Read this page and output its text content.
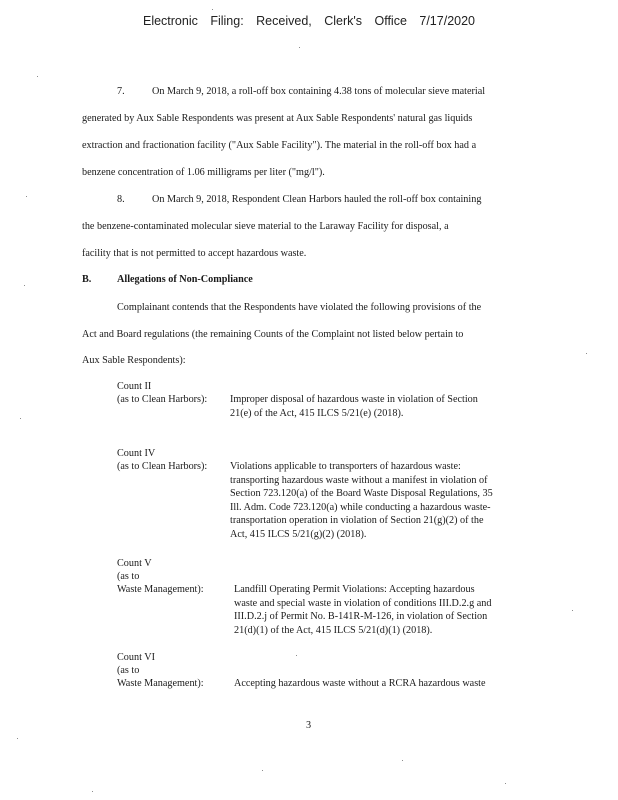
Electronic Filing: Received, Clerk's Office 7/17/2020
7.	On March 9, 2018, a roll-off box containing 4.38 tons of molecular sieve material
generated by Aux Sable Respondents was present at Aux Sable Respondents' natural gas liquids
extraction and fractionation facility ("Aux Sable Facility"). The material in the roll-off box had a
benzene concentration of 1.06 milligrams per liter ("mg/l").
8.	On March 9, 2018, Respondent Clean Harbors hauled the roll-off box containing
the benzene-contaminated molecular sieve material to the Laraway Facility for disposal, a
facility that is not permitted to accept hazardous waste.
B.	Allegations of Non-Compliance
Complainant contends that the Respondents have violated the following provisions of the
Act and Board regulations (the remaining Counts of the Complaint not listed below pertain to
Aux Sable Respondents):
Count II
(as to Clean Harbors): Improper disposal of hazardous waste in violation of Section
21(e) of the Act, 415 ILCS 5/21(e) (2018).
Count IV
(as to Clean Harbors): Violations applicable to transporters of hazardous waste:
transporting hazardous waste without a manifest in violation of
Section 723.120(a) of the Board Waste Disposal Regulations, 35
Ill. Adm. Code 723.120(a) while conducting a hazardous waste-
transportation operation in violation of Section 21(g)(2) of the
Act, 415 ILCS 5/21(g)(2) (2018).
Count V
(as to
Waste Management):	Landfill Operating Permit Violations: Accepting hazardous
waste and special waste in violation of conditions III.D.2.g and
III.D.2.j of Permit No. B-141R-M-126, in violation of Section
21(d)(1) of the Act, 415 ILCS 5/21(d)(1) (2018).
Count VI
(as to
Waste Management):	Accepting hazardous waste without a RCRA hazardous waste
3
